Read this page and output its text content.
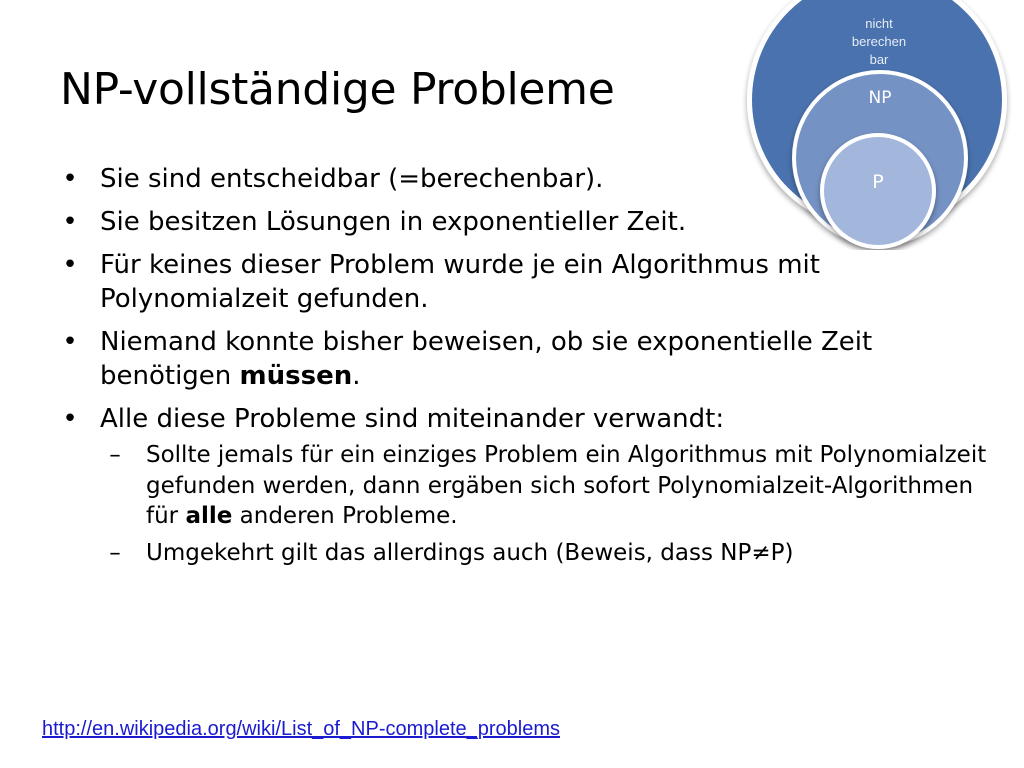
NP-vollständige Probleme
nicht
berechen
bar
NP
P
• Sie sind entscheidbar (=berechenbar).
• Sie besitzen Lösungen in exponentieller Zeit.
• Für keines dieser Problem wurde je ein Algorithmus mit Polynomialzeit gefunden.
• Niemand konnte bisher beweisen, ob sie exponentielle Zeit benötigen müssen.
• Alle diese Probleme sind miteinander verwandt:
–	Sollte jemals für ein einziges Problem ein Algorithmus mit Polynomialzeit gefunden werden, dann ergäben sich sofort Polynomialzeit-Algorithmen für alle anderen Probleme.
–	Umgekehrt gilt das allerdings auch (Beweis, dass NP≠P)
http://en.wikipedia.org/wiki/List_of_NP-complete_problems
